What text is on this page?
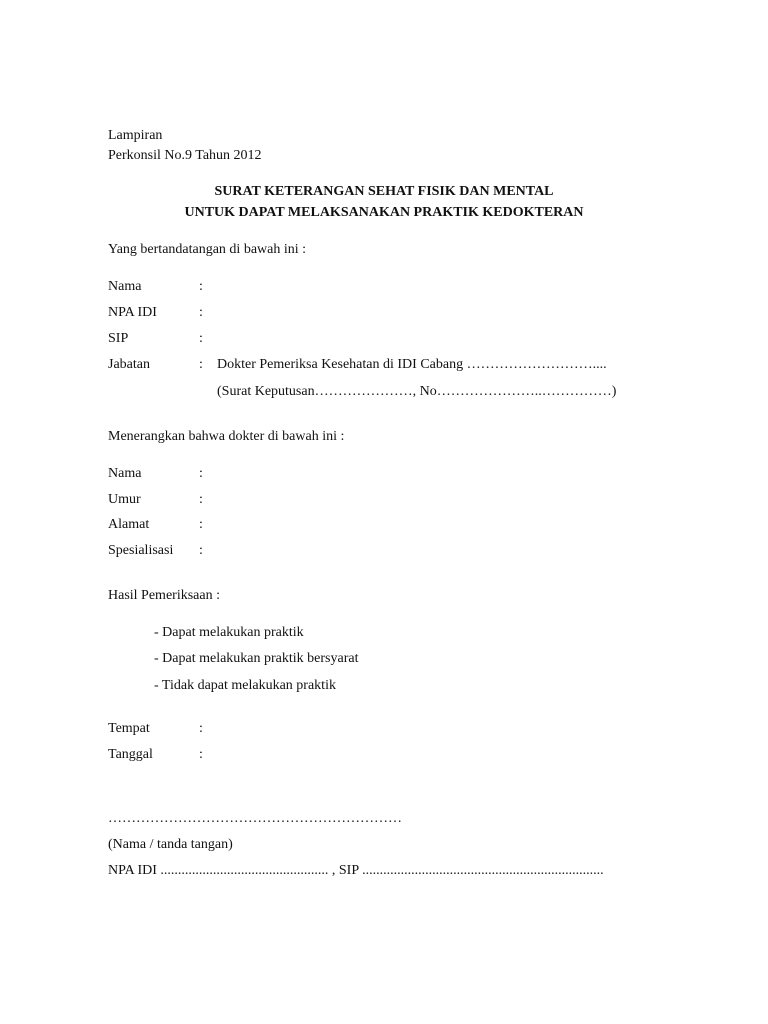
Lampiran
Perkonsil No.9 Tahun 2012
SURAT KETERANGAN SEHAT FISIK DAN MENTAL
UNTUK DAPAT MELAKSANAKAN PRAKTIK KEDOKTERAN
Yang bertandatangan di bawah ini :
Nama	:
NPA IDI	:
SIP	:
Jabatan	: Dokter Pemeriksa Kesehatan di IDI Cabang ………………………....
(Surat Keputusan…………………, No…………………..……………)
Menerangkan bahwa dokter di bawah ini :
Nama	:
Umur	:
Alamat	:
Spesialisasi :
Hasil Pemeriksaan :
- Dapat melakukan praktik
- Dapat melakukan praktik bersyarat
- Tidak dapat melakukan praktik
Tempat	:
Tanggal	:
………………………………………………………
(Nama / tanda tangan)
NPA IDI ................................................ , SIP .....................................................................
